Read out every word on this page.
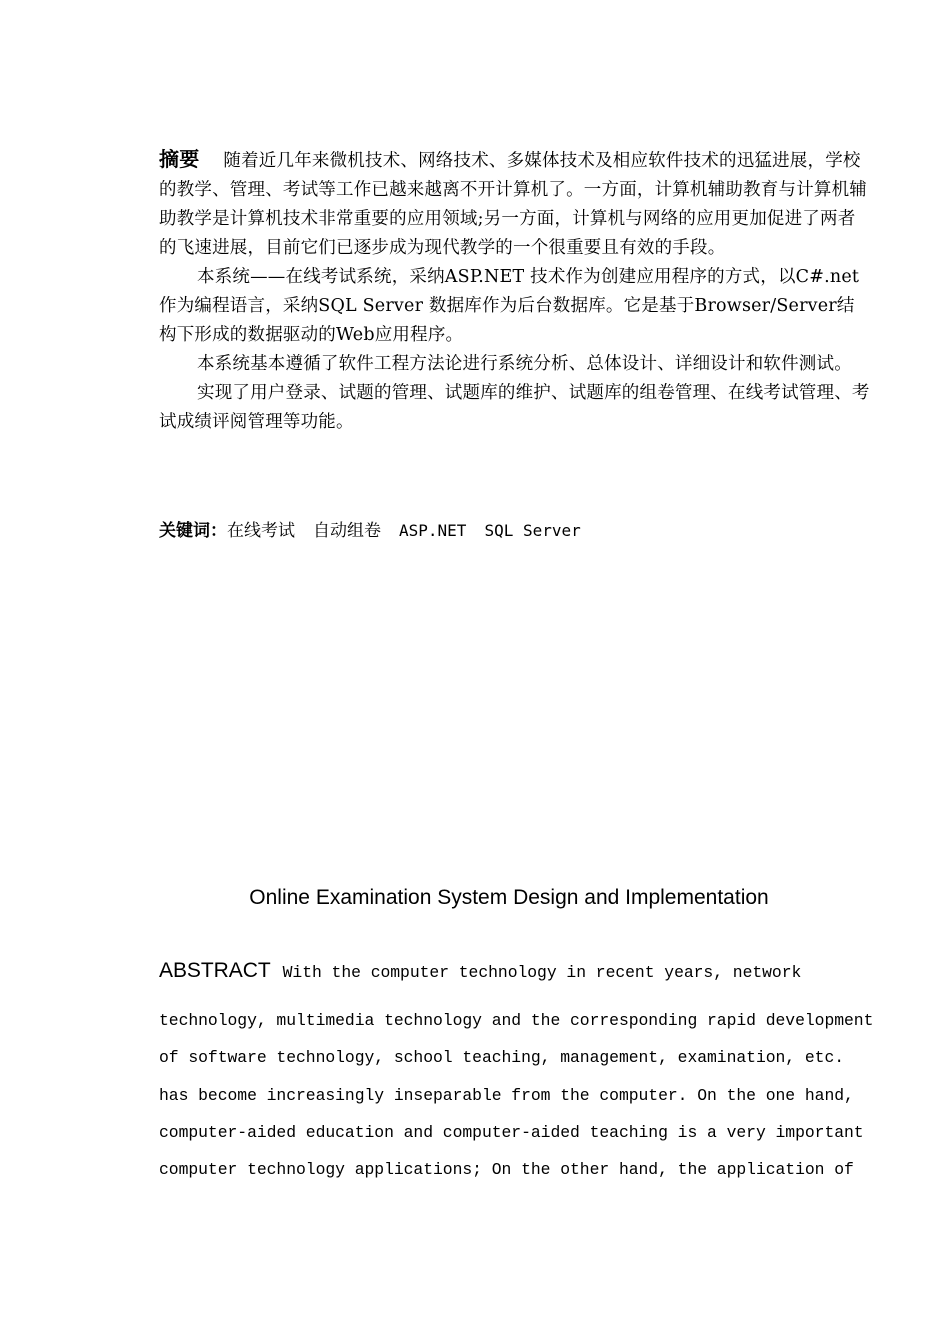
摘要 随着近几年来微机技术、网络技术、多媒体技术及相应软件技术的迅猛进展，学校的教学、管理、考试等工作已越来越离不开计算机了。一方面，计算机辅助教育与计算机辅助教学是计算机技术非常重要的应用领域;另一方面，计算机与网络的应用更加促进了两者的飞速进展，目前它们已逐步成为现代教学的一个很重要且有效的手段。

本系统——在线考试系统，采纳ASP.NET 技术作为创建应用程序的方式，以C#.net作为编程语言，采纳SQL Server 数据库作为后台数据库。它是基于Browser/Server结构下形成的数据驱动的Web应用程序。

本系统基本遵循了软件工程方法论进行系统分析、总体设计、详细设计和软件测试。

实现了用户登录、试题的管理、试题库的维护、试题库的组卷管理、在线考试管理、考试成绩评阅管理等功能。

关键词：在线考试 自动组卷 ASP.NET SQL Server
Online Examination System Design and Implementation
ABSTRACT With the computer technology in recent years, network
technology, multimedia technology and the corresponding rapid development
of software technology, school teaching, management, examination, etc.
has become increasingly inseparable from the computer. On the one hand,
computer-aided education and computer-aided teaching is a very important
computer technology applications; On the other hand, the application of
